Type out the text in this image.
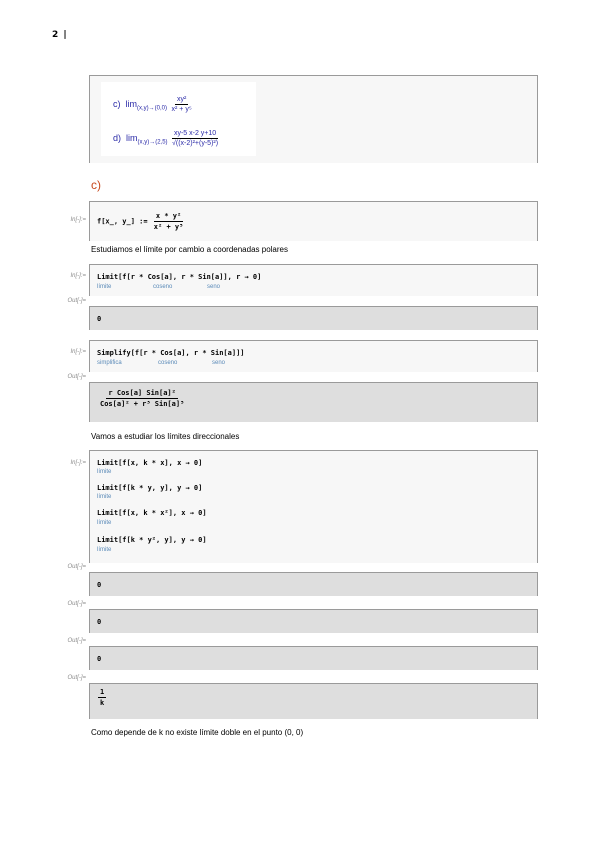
2 |
c) $\lim_{(x,y)\to(0,0)} \frac{\text{xy²}}{\text{x² + y⁵}}$
d) $\lim_{(x,y)\to(2,5)} \frac{xy-5 x-2 y+10}{\text{√((x-2)²+(y-5)²)}}$
c)
In[-]:= f[x_, y_] := $\frac{\text{x * y²}}{\text{x² + y⁵}}$
Estudiamos el límite por cambio a coordenadas polares
In[-]:= Limit[f[r * Cos[a], r * Sin[a]], r → 0]
límite	coseno	seno
Out[-]=
0
In[-]:= Simplify[f[r * Cos[a], r * Sin[a]]]
simplifica	coseno	seno
Out[-]=
$\frac{\text{r Cos[a] Sin[a]²}}{\text{Cos[a]² + r³ Sin[a]⁵}}$
Vamos a estudiar los límites direccionales
In[-]:= Limit[f[x, k * x], x → 0]
límite
Limit[f[k * y, y], y → 0]
límite
Limit[f[x, k * x²], x → 0]
límite
Limit[f[k * y², y], y → 0]
límite
Out[-]=
0
Out[-]=
0
Out[-]=
0
Out[-]=
$\frac{1}{k}$
Como depende de k no existe límite doble en el punto (0, 0)
